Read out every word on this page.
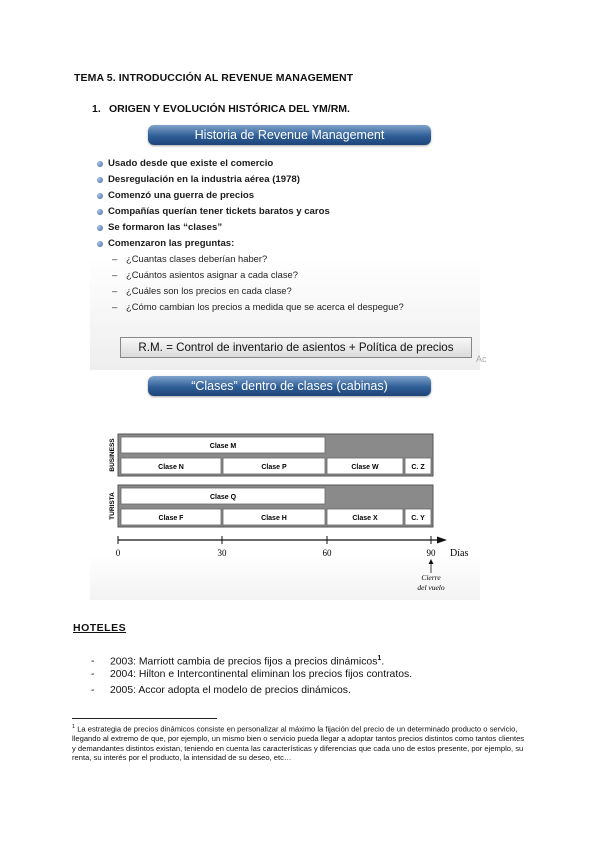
TEMA 5. INTRODUCCIÓN AL REVENUE MANAGEMENT
1. ORIGEN Y EVOLUCIÓN HISTÓRICA DEL YM/RM.
Historia de Revenue Management
Usado desde que existe el comercio
Desregulación en la industria aérea (1978)
Comenzó una guerra de precios
Compañías querían tener tickets baratos y caros
Se formaron las “clases”
Comenzaron las preguntas:
– ¿Cuantas clases deberían haber?
– ¿Cuántos asientos asignar a cada clase?
– ¿Cuáles son los precios en cada clase?
– ¿Cómo cambian los precios a medida que se acerca el despegue?
R.M. = Control de inventario de asientos + Política de precios
Ac
“Clases” dentro de clases (cabinas)
Clase M
Clase N	Clase P	Clase W	C. Z
BUSINESS
Clase Q
Clase F	Clase H	Clase X	C. Y
TURISTA
0	30	60	90 Días
Cierre
del vuelo
HOTELES
- 2003: Marriott cambia de precios fijos a precios dinámicos$^1$.
- 2004: Hilton e Intercontinental eliminan los precios fijos contratos.
- 2005: Accor adopta el modelo de precios dinámicos.
$^1$ La estrategia de precios dinámicos consiste en personalizar al máximo la fijación del precio de un determinado producto o servicio, llegando al extremo de que, por ejemplo, un mismo bien o servicio pueda llegar a adoptar tantos precios distintos como tantos clientes y demandantes distintos existan, teniendo en cuenta las características y diferencias que cada uno de estos presente, por ejemplo, su renta, su interés por el producto, la intensidad de su deseo, etc…
